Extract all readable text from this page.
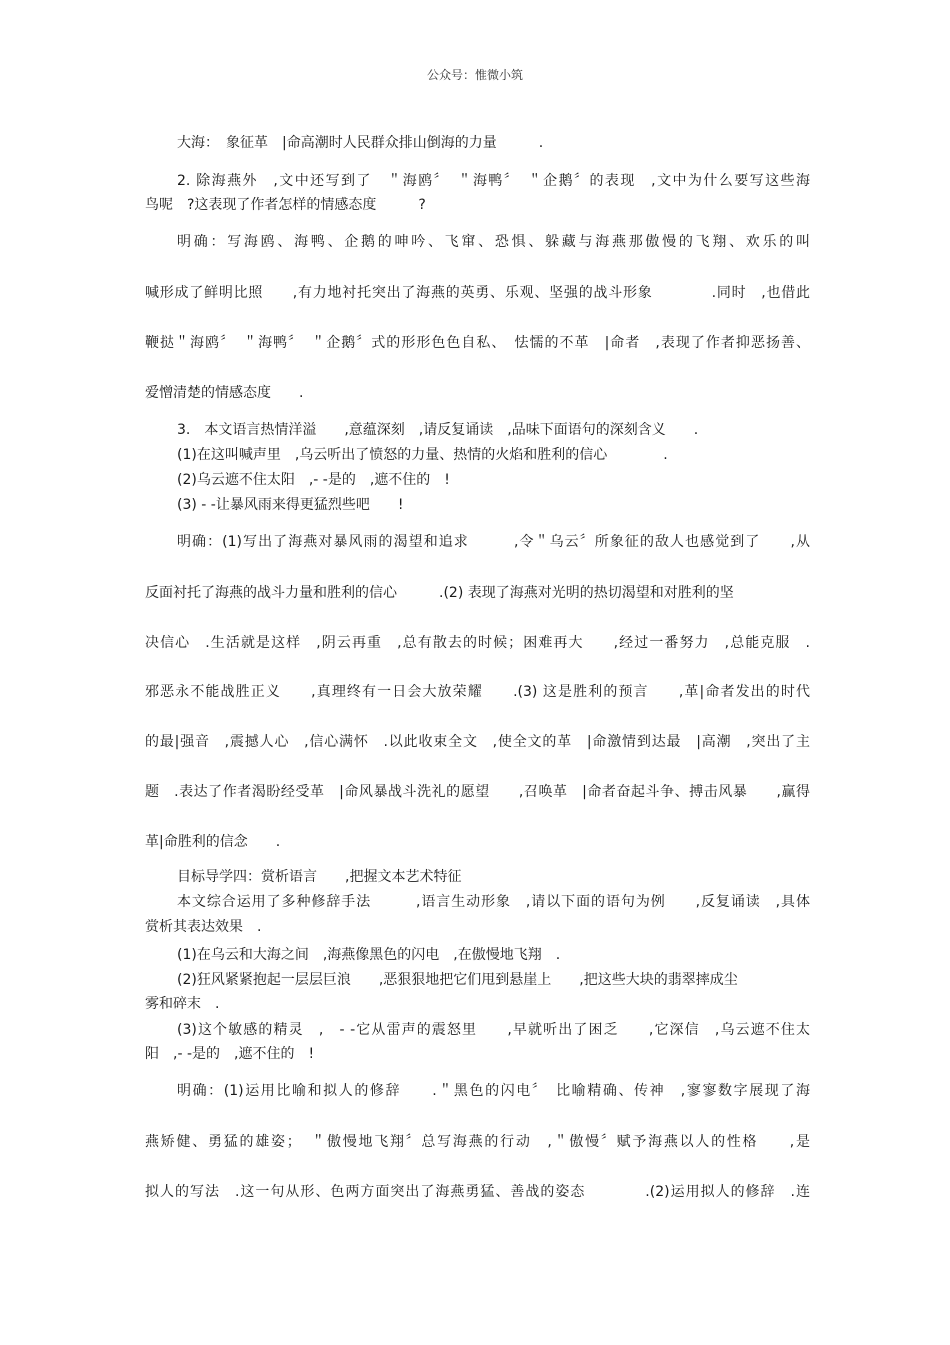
公众号：惟微小筑
大海：　象征革　|命高潮时人民群众排山倒海的力量　　　.
2. 除海燕外　,文中还写到了　＂海鸥〞　＂海鸭〞　＂企鹅〞的表现　,文中为什么要写这些海
鸟呢　?这表现了作者怎样的情感态度　　　?
明确：写海鸥、海鸭、企鹅的呻吟、飞窜、恐惧、躲藏与海燕那傲慢的飞翔、欢乐的叫
喊形成了鲜明比照　　,有力地衬托突出了海燕的英勇、乐观、坚强的战斗形象　　　　.同时　,也借此
鞭挞＂海鸥〞　＂海鸭〞　＂企鹅〞式的形形色色自私、　怯懦的不革　|命者　,表现了作者抑恶扬善、
爱憎清楚的情感态度　　.
3.　本文语言热情洋溢　　,意蕴深刻　,请反复诵读　,品味下面语句的深刻含义　　.
(1)在这叫喊声里　,乌云听出了愤怒的力量、热情的火焰和胜利的信心　　　　.
(2)乌云遮不住太阳　,- -是的　,遮不住的　!
(3) - -让暴风雨来得更猛烈些吧　　!
明确：(1)写出了海燕对暴风雨的渴望和追求　　　,令＂乌云〞所象征的敌人也感觉到了　　,从
反面衬托了海燕的战斗力量和胜利的信心　　　.(2) 表现了海燕对光明的热切渴望和对胜利的坚
决信心　.生活就是这样　,阴云再重　,总有散去的时候；困难再大　　,经过一番努力　,总能克服　.
邪恶永不能战胜正义　　,真理终有一日会大放荣耀　　.(3) 这是胜利的预言　　,革|命者发出的时代
的最|强音　,震撼人心　,信心满怀　.以此收束全文　,使全文的革　|命激情到达最　|高潮　,突出了主
题　.表达了作者渴盼经受革　|命风暴战斗洗礼的愿望　　,召唤革　|命者奋起斗争、搏击风暴　　,赢得
革|命胜利的信念　　.
目标导学四：赏析语言　　,把握文本艺术特征
本文综合运用了多种修辞手法　　　,语言生动形象　,请以下面的语句为例　　,反复诵读　,具体
赏析其表达效果　.
(1)在乌云和大海之间　,海燕像黑色的闪电　,在傲慢地飞翔　.
(2)狂风紧紧抱起一层层巨浪　　,恶狠狠地把它们甩到悬崖上　　,把这些大块的翡翠摔成尘
雾和碎末　.
(3)这个敏感的精灵　,　- -它从雷声的震怒里　　,早就听出了困乏　　,它深信　,乌云遮不住太
阳　,- -是的　,遮不住的　!
明确：(1)运用比喻和拟人的修辞　　.＂黑色的闪电〞　比喻精确、传神　,寥寥数字展现了海
燕矫健、勇猛的雄姿；　＂傲慢地飞翔〞总写海燕的行动　,＂傲慢〞赋予海燕以人的性格　　,是
拟人的写法　.这一句从形、色两方面突出了海燕勇猛、善战的姿态　　　　.(2)运用拟人的修辞　.连
